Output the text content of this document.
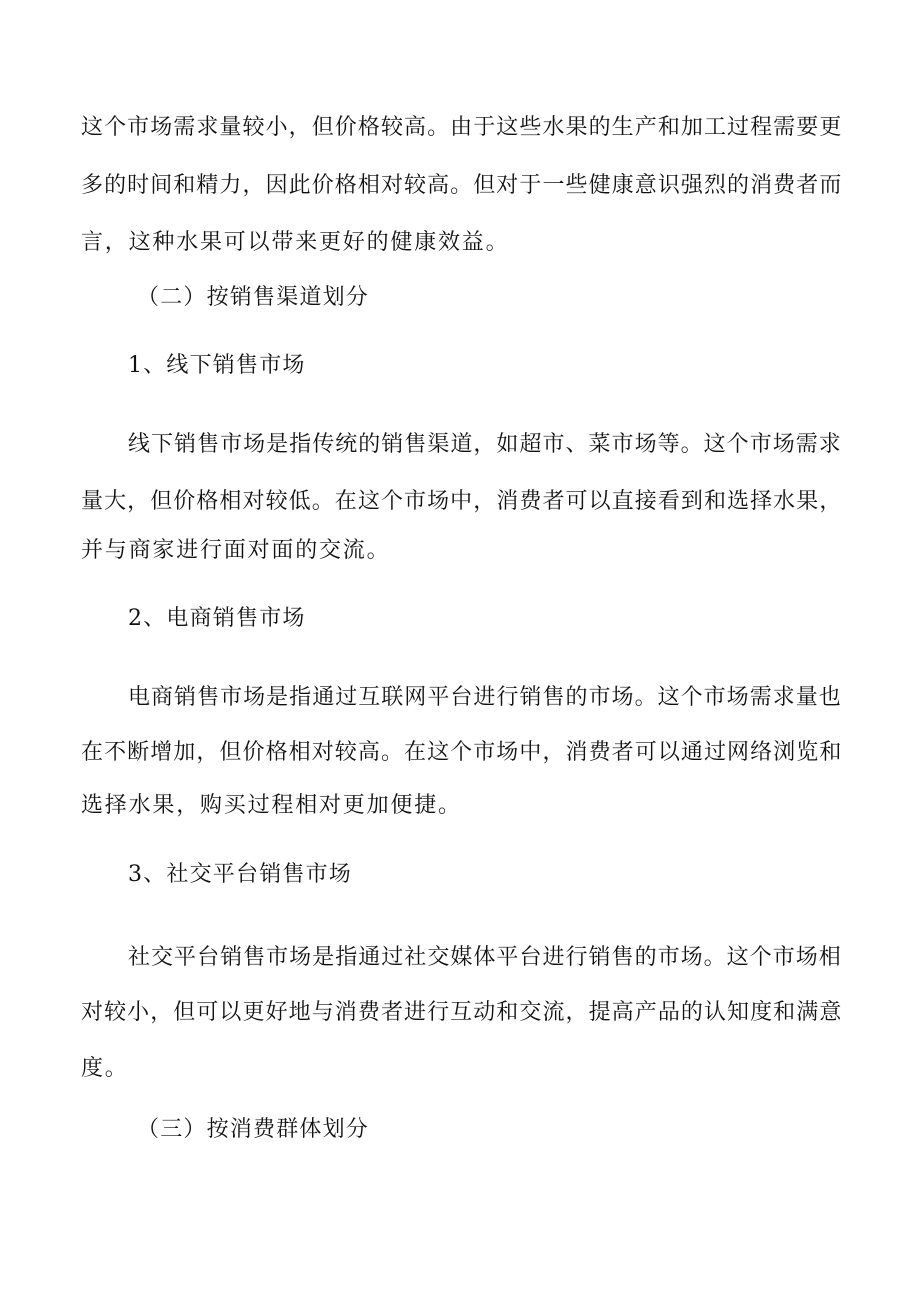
这个市场需求量较小，但价格较高。由于这些水果的生产和加工过程需要更

多的时间和精力，因此价格相对较高。但对于一些健康意识强烈的消费者而

言，这种水果可以带来更好的健康效益。

（二）按销售渠道划分

1、线下销售市场

线下销售市场是指传统的销售渠道，如超市、菜市场等。这个市场需求

量大，但价格相对较低。在这个市场中，消费者可以直接看到和选择水果，

并与商家进行面对面的交流。

2、电商销售市场

电商销售市场是指通过互联网平台进行销售的市场。这个市场需求量也

在不断增加，但价格相对较高。在这个市场中，消费者可以通过网络浏览和

选择水果，购买过程相对更加便捷。

3、社交平台销售市场

社交平台销售市场是指通过社交媒体平台进行销售的市场。这个市场相

对较小，但可以更好地与消费者进行互动和交流，提高产品的认知度和满意

度。

（三）按消费群体划分
